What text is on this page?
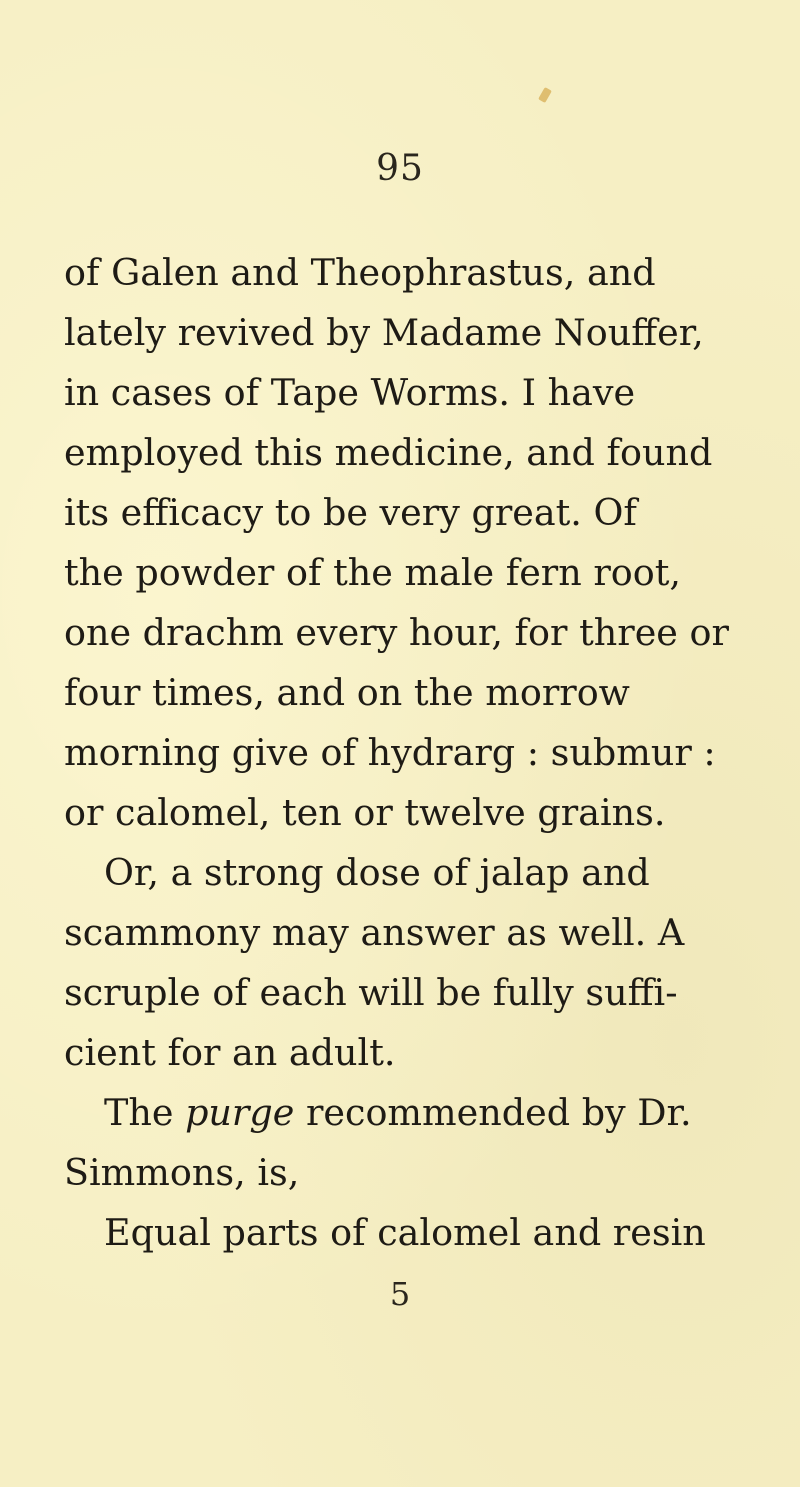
95
of Galen and Theophrastus, and
lately revived by Madame Nouffer,
in cases of Tape Worms. I have
employed this medicine, and found
its efficacy to be very great. Of
the powder of the male fern root,
one drachm every hour, for three or
four times, and on the morrow
morning give of hydrarg : submur :
or calomel, ten or twelve grains.
Or, a strong dose of jalap and
scammony may answer as well. A
scruple of each will be fully suffi-
cient for an adult.
The purge recommended by Dr.
Simmons, is,
Equal parts of calomel and resin
5
